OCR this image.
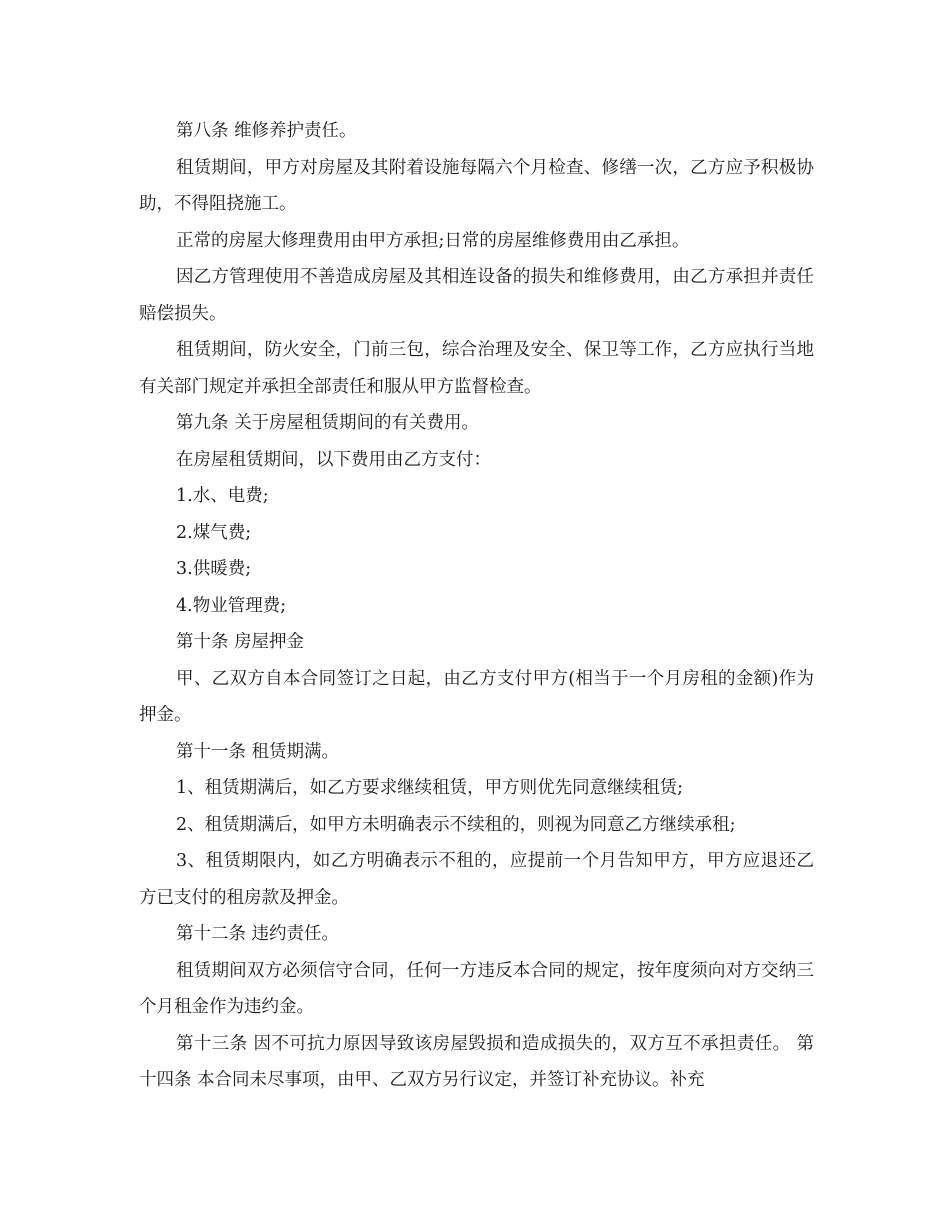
第八条 维修养护责任。

租赁期间，甲方对房屋及其附着设施每隔六个月检查、修缮一次，乙方应予积极协助，不得阻挠施工。

正常的房屋大修理费用由甲方承担;日常的房屋维修费用由乙承担。

因乙方管理使用不善造成房屋及其相连设备的损失和维修费用，由乙方承担并责任赔偿损失。

租赁期间，防火安全，门前三包，综合治理及安全、保卫等工作，乙方应执行当地有关部门规定并承担全部责任和服从甲方监督检查。

第九条 关于房屋租赁期间的有关费用。

在房屋租赁期间，以下费用由乙方支付：

1.水、电费;

2.煤气费;

3.供暖费;

4.物业管理费;

第十条 房屋押金

甲、乙双方自本合同签订之日起，由乙方支付甲方(相当于一个月房租的金额)作为押金。

第十一条 租赁期满。

1、租赁期满后，如乙方要求继续租赁，甲方则优先同意继续租赁;

2、租赁期满后，如甲方未明确表示不续租的，则视为同意乙方继续承租;

3、租赁期限内，如乙方明确表示不租的，应提前一个月告知甲方，甲方应退还乙方已支付的租房款及押金。

第十二条 违约责任。

租赁期间双方必须信守合同，任何一方违反本合同的规定，按年度须向对方交纳三个月租金作为违约金。

第十三条 因不可抗力原因导致该房屋毁损和造成损失的，双方互不承担责任。 第十四条 本合同未尽事项，由甲、乙双方另行议定，并签订补充协议。补充
